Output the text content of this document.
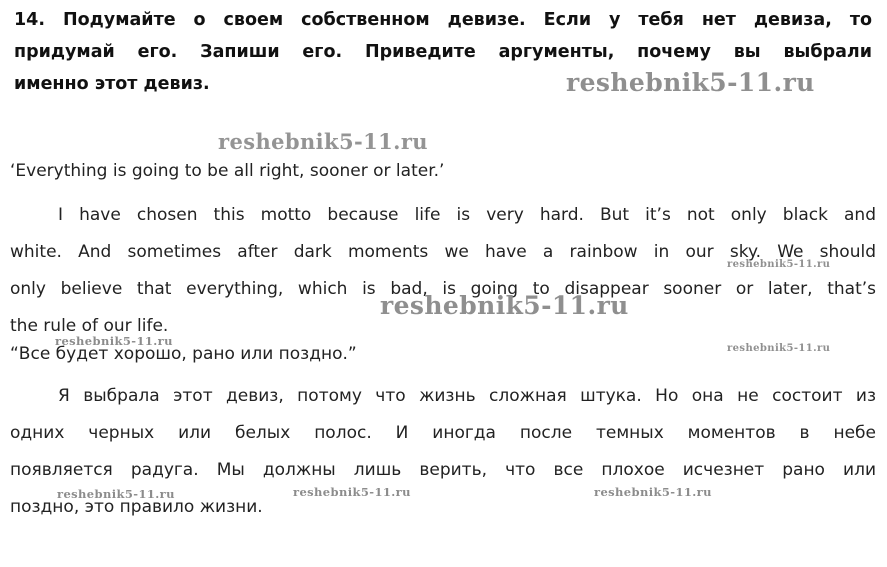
14. Подумайте о своем собственном девизе. Если у тебя нет девиза, то
придумай его. Запиши его. Приведите аргументы, почему вы выбрали
именно этот девиз.
‘Everything is going to be all right, sooner or later.’
I have chosen this motto because life is very hard. But it’s not only black and
white. And sometimes after dark moments we have a rainbow in our sky. We should
only believe that everything, which is bad, is going to disappear sooner or later, that’s
the rule of our life.
“Все будет хорошо, рано или поздно.”
Я выбрала этот девиз, потому что жизнь сложная штука. Но она не состоит из
одних черных или белых полос. И иногда после темных моментов в небе
появляется радуга. Мы должны лишь верить, что все плохое исчезнет рано или
поздно, это правило жизни.
reshebnik5-11.ru
reshebnik5-11.ru
reshebnik5-11.ru
reshebnik5-11.ru
reshebnik5-11.ru
reshebnik5-11.ru
reshebnik5-11.ru	reshebnik5-11.ru	reshebnik5-11.ru
